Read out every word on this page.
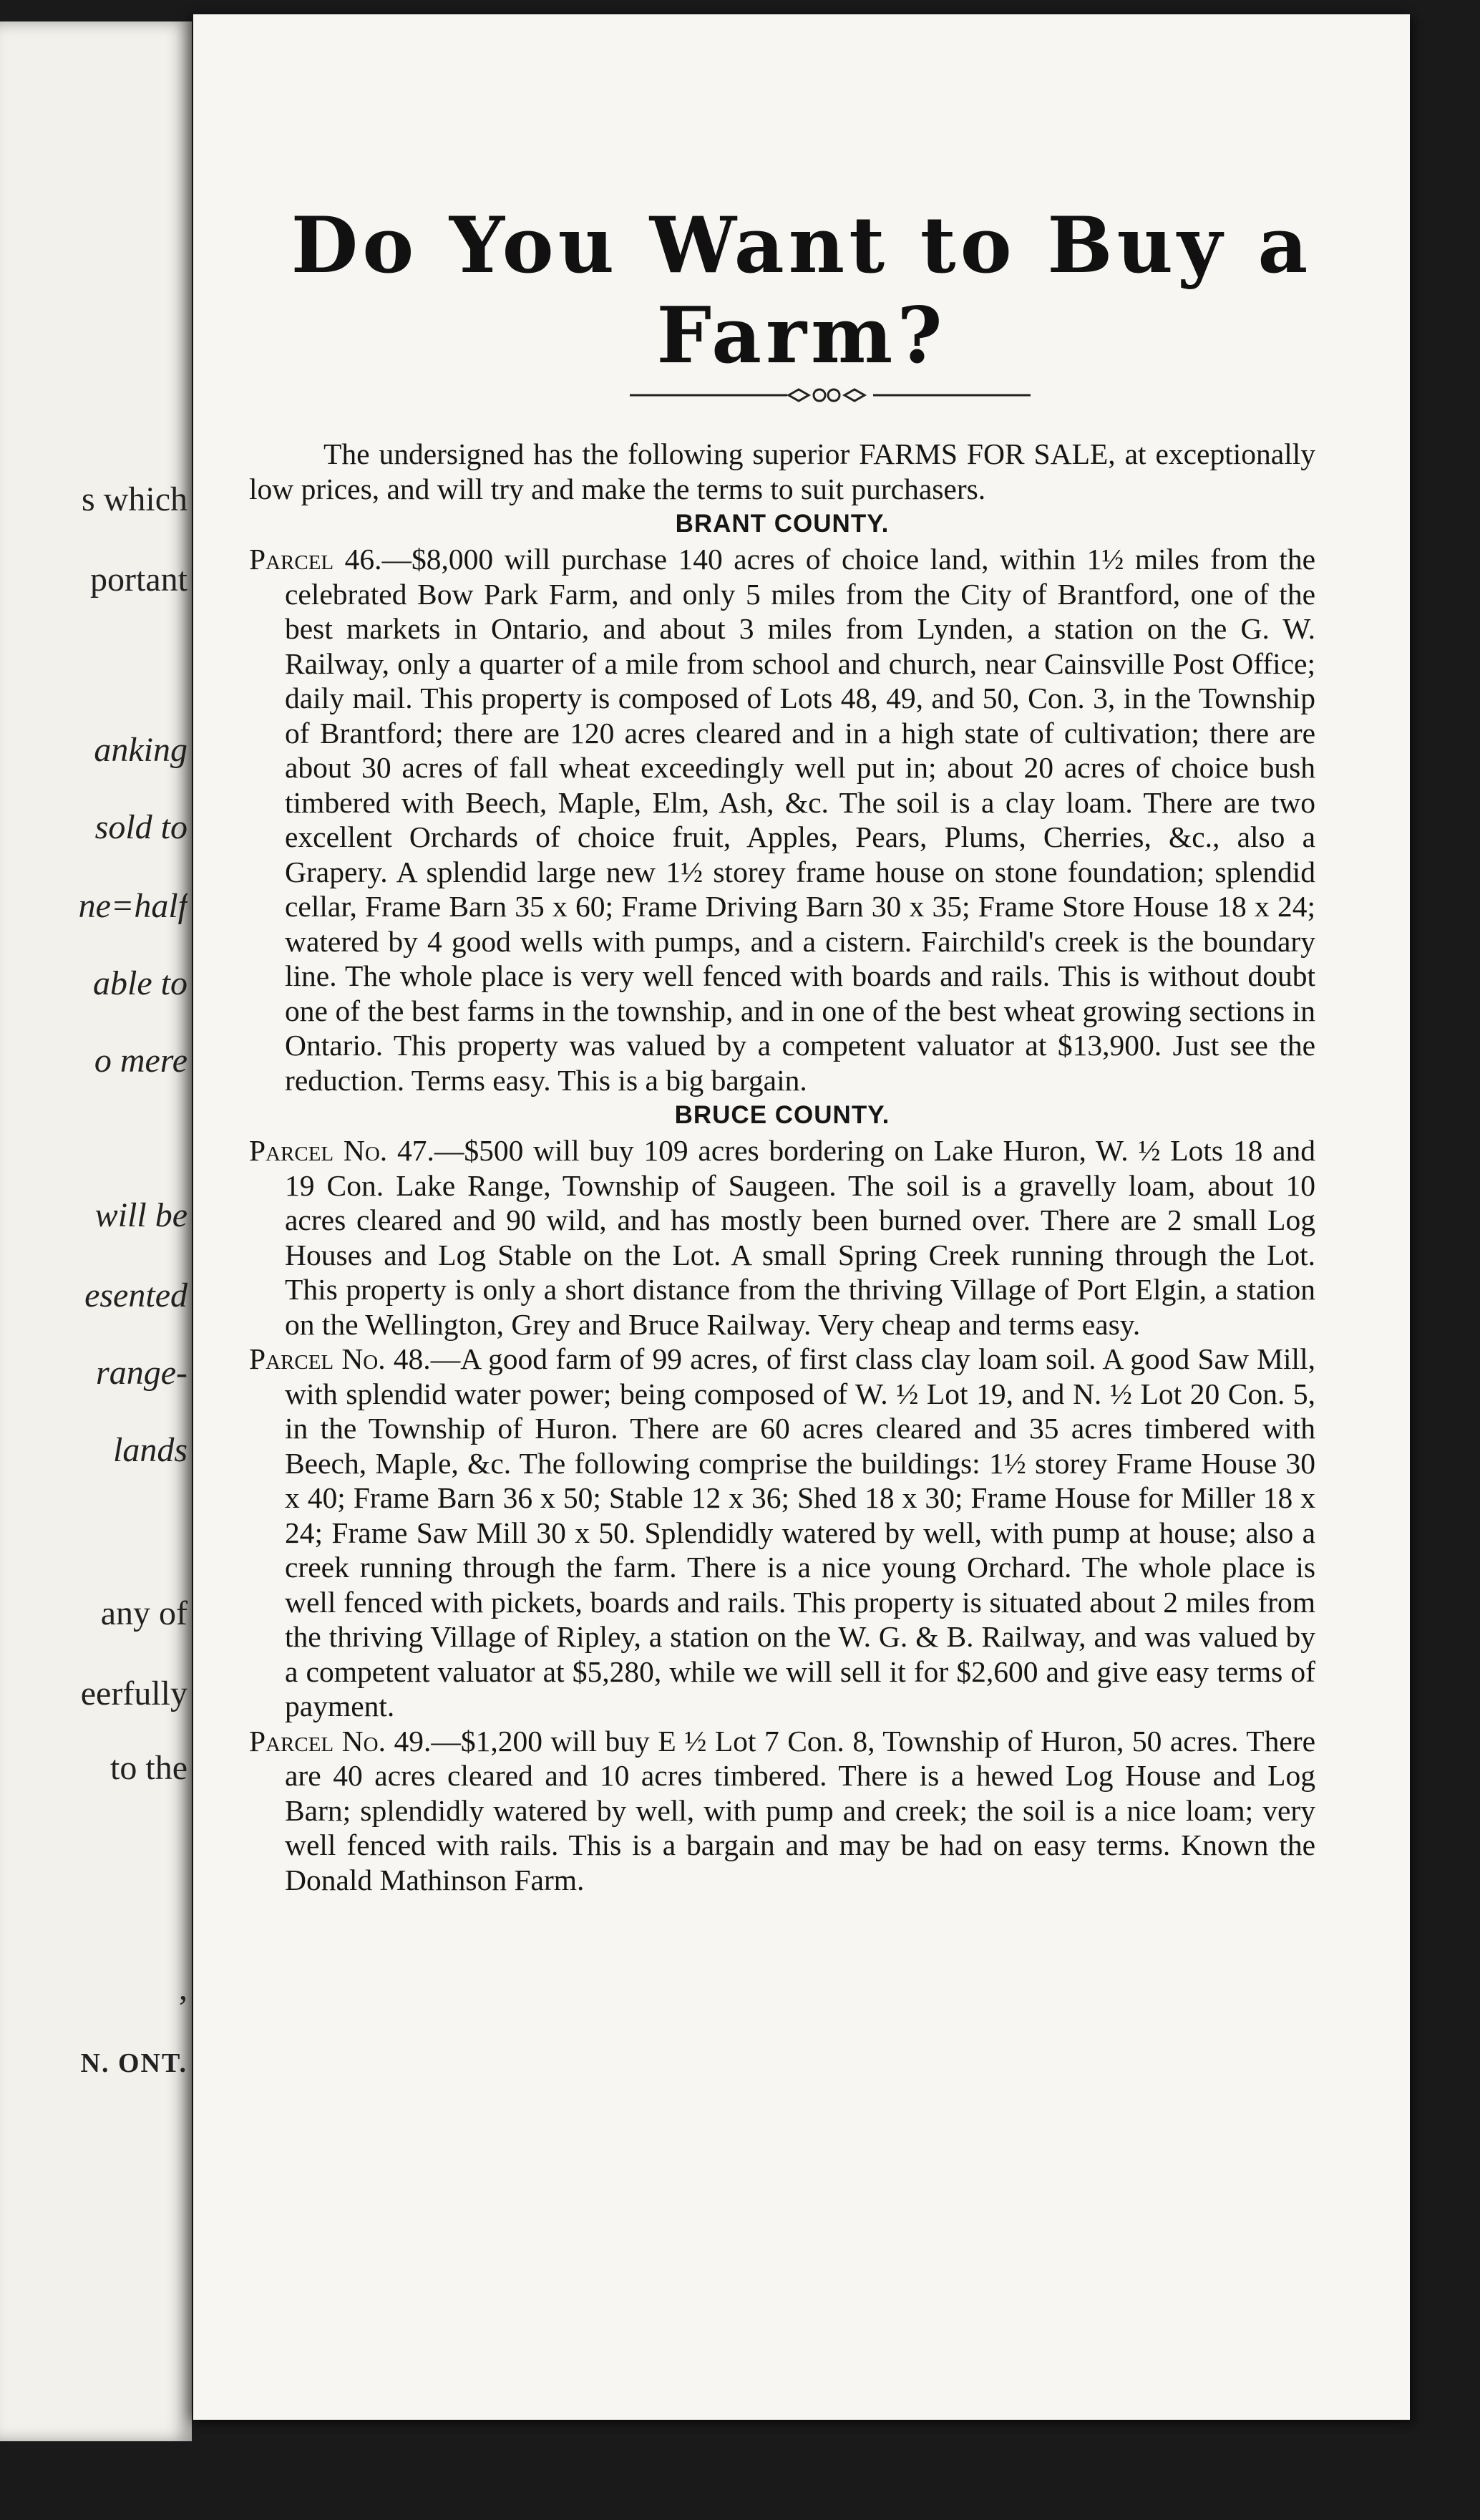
s which
portant
anking
sold to
ne=half
able to
o mere
will be
esented
range-
lands
any of
eerfully
to the
,
N. ONT.
Do You Want to Buy a Farm?

The undersigned has the following superior FARMS FOR SALE, at exceptionally low prices, and will try and make the terms to suit purchasers.

BRANT COUNTY.

Parcel 46.—$8,000 will purchase 140 acres of choice land, within 1½ miles from the celebrated Bow Park Farm, and only 5 miles from the City of Brantford, one of the best markets in Ontario, and about 3 miles from Lynden, a station on the G. W. Railway, only a quarter of a mile from school and church, near Cainsville Post Office; daily mail. This property is composed of Lots 48, 49, and 50, Con. 3, in the Township of Brantford; there are 120 acres cleared and in a high state of cultivation; there are about 30 acres of fall wheat exceedingly well put in; about 20 acres of choice bush timbered with Beech, Maple, Elm, Ash, &c. The soil is a clay loam. There are two excellent Orchards of choice fruit, Apples, Pears, Plums, Cherries, &c., also a Grapery. A splendid large new 1½ storey frame house on stone foundation; splendid cellar, Frame Barn 35 x 60; Frame Driving Barn 30 x 35; Frame Store House 18 x 24; watered by 4 good wells with pumps, and a cistern. Fairchild's creek is the boundary line. The whole place is very well fenced with boards and rails. This is without doubt one of the best farms in the township, and in one of the best wheat growing sections in Ontario. This property was valued by a competent valuator at $13,900. Just see the reduction. Terms easy. This is a big bargain.

BRUCE COUNTY.

Parcel No. 47.—$500 will buy 109 acres bordering on Lake Huron, W. ½ Lots 18 and 19 Con. Lake Range, Township of Saugeen. The soil is a gravelly loam, about 10 acres cleared and 90 wild, and has mostly been burned over. There are 2 small Log Houses and Log Stable on the Lot. A small Spring Creek running through the Lot. This property is only a short distance from the thriving Village of Port Elgin, a station on the Wellington, Grey and Bruce Railway. Very cheap and terms easy.

Parcel No. 48.—A good farm of 99 acres, of first class clay loam soil. A good Saw Mill, with splendid water power; being composed of W. ½ Lot 19, and N. ½ Lot 20 Con. 5, in the Township of Huron. There are 60 acres cleared and 35 acres timbered with Beech, Maple, &c. The following comprise the buildings: 1½ storey Frame House 30 x 40; Frame Barn 36 x 50; Stable 12 x 36; Shed 18 x 30; Frame House for Miller 18 x 24; Frame Saw Mill 30 x 50. Splendidly watered by well, with pump at house; also a creek running through the farm. There is a nice young Orchard. The whole place is well fenced with pickets, boards and rails. This property is situated about 2 miles from the thriving Village of Ripley, a station on the W. G. & B. Railway, and was valued by a competent valuator at $5,280, while we will sell it for $2,600 and give easy terms of payment.

Parcel No. 49.—$1,200 will buy E ½ Lot 7 Con. 8, Township of Huron, 50 acres. There are 40 acres cleared and 10 acres timbered. There is a hewed Log House and Log Barn; splendidly watered by well, with pump and creek; the soil is a nice loam; very well fenced with rails. This is a bargain and may be had on easy terms. Known the Donald Mathinson Farm.
